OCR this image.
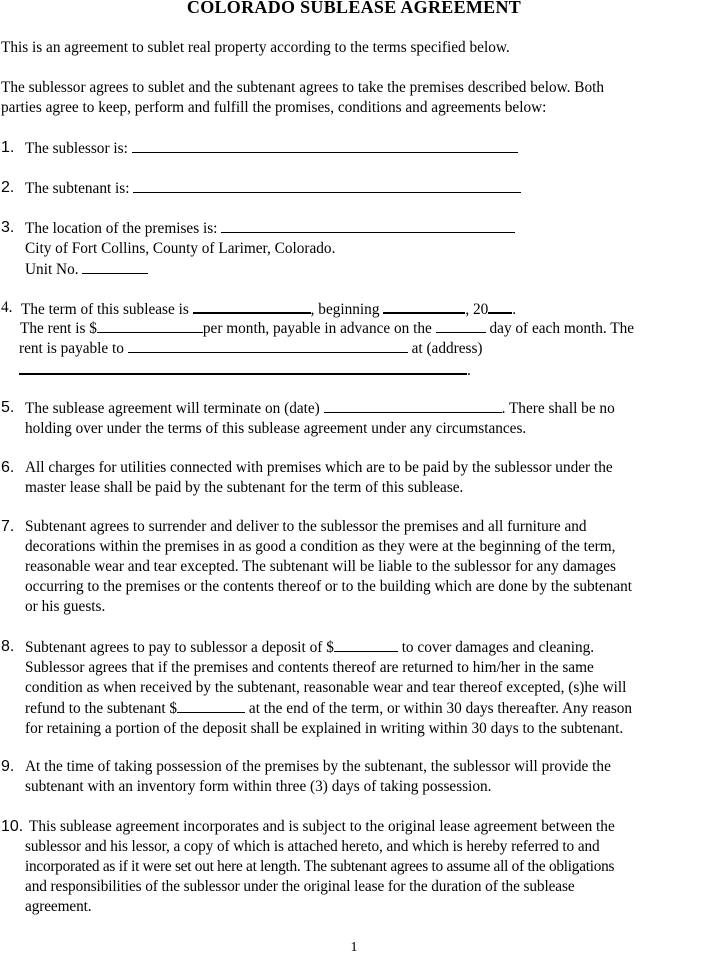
COLORADO SUBLEASE AGREEMENT
This is an agreement to sublet real property according to the terms specified below.
The sublessor agrees to sublet and the subtenant agrees to take the premises described below. Both
parties agree to keep, perform and fulfill the promises, conditions and agreements below:
1. The sublessor is:
2. The subtenant is:
3. The location of the premises is:
City of Fort Collins, County of Larimer, Colorado.
Unit No.
4. The term of this sublease is	, beginning	, 20 .
The rent is $	per month, payable in advance on the	day of each month. The
rent is payable to	at (address)
.
5. The sublease agreement will terminate on (date)	. There shall be no
holding over under the terms of this sublease agreement under any circumstances.
6. All charges for utilities connected with premises which are to be paid by the sublessor under the
master lease shall be paid by the subtenant for the term of this sublease.
7. Subtenant agrees to surrender and deliver to the sublessor the premises and all furniture and
decorations within the premises in as good a condition as they were at the beginning of the term,
reasonable wear and tear excepted. The subtenant will be liable to the sublessor for any damages
occurring to the premises or the contents thereof or to the building which are done by the subtenant
or his guests.
8. Subtenant agrees to pay to sublessor a deposit of $	to cover damages and cleaning.
Sublessor agrees that if the premises and contents thereof are returned to him/her in the same
condition as when received by the subtenant, reasonable wear and tear thereof excepted, (s)he will
refund to the subtenant $	at the end of the term, or within 30 days thereafter. Any reason
for retaining a portion of the deposit shall be explained in writing within 30 days to the subtenant.
9. At the time of taking possession of the premises by the subtenant, the sublessor will provide the
subtenant with an inventory form within three (3) days of taking possession.
10. This sublease agreement incorporates and is subject to the original lease agreement between the
sublessor and his lessor, a copy of which is attached hereto, and which is hereby referred to and
incorporated as if it were set out here at length. The subtenant agrees to assume all of the obligations
and responsibilities of the sublessor under the original lease for the duration of the sublease
agreement.
1
